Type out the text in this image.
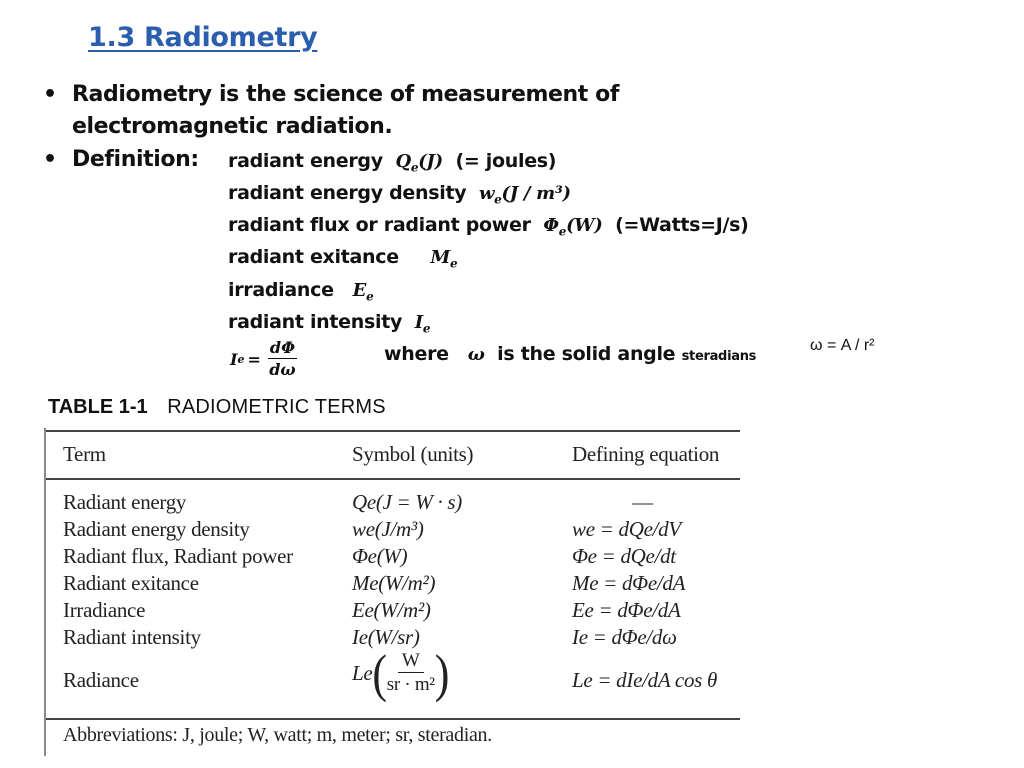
1.3 Radiometry
• Radiometry is the science of measurement of
electromagnetic radiation.
• Definition: radiant energy $Q_e(J)$ (= joules)
radiant energy density $w_e(J / m^3)$
radiant flux or radiant power $\Phi_e(W)$ (=Watts=J/s)
radiant exitance $M_e$
irradiance $E_e$
radiant intensity $I_e$
I $e = \frac{d\Phi}{d\omega}$	where ω is the solid angle steradians
ω = A / r²
TABLE 1-1 RADIOMETRIC TERMS
Term	Symbol (units)	Defining equation
Radiant energy	Qe(J = W · s)	—
Radiant energy density	we(J/m³)	we = dQe/dV
Radiant flux, Radiant power	Φe(W)	Φe = dQe/dt
Radiant exitance	Me(W/m²)	Me = dΦe/dA
Irradiance	Ee(W/m²)	Ee = dΦe/dA
Radiant intensity	Ie(W/sr)	Ie = dΦe/dω
Radiance	Le ( $\frac{W}{\text{sr · m²}}$ )	Le = dIe/dA cos θ
Abbreviations: J, joule; W, watt; m, meter; sr, steradian.
